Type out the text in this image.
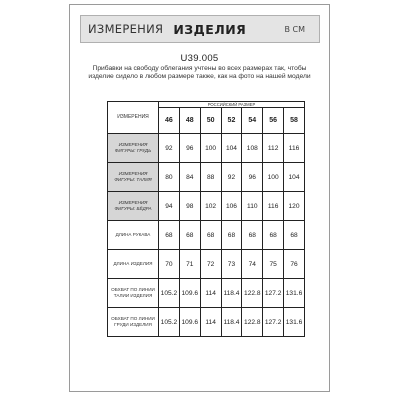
ИЗМЕРЕНИЯ ИЗДЕЛИЯ	В СМ
U39.005
Прибавки на свободу облегания учтены во всех размерах так, чтобы изделие сидело в любом размере также, как на фото на нашей модели
ИЗМЕРЕНИЯ	РОССИЙСКИЙ РАЗМЕР						
	46	48	50	52	54	56	58
ИЗМЕРЕНИЯ ФИГУРЫ: ГРУДЬ	92	96	100	104	108	112	116
ИЗМЕРЕНИЯ ФИГУРЫ: ТАЛИЯ	80	84	88	92	96	100	104
ИЗМЕРЕНИЯ ФИГУРЫ: БЁДРА	94	98	102	106	110	116	120
ДЛИНА РУКАВА	68	68	68	68	68	68	68
ДЛИНА ИЗДЕЛИЯ	70	71	72	73	74	75	76
ОБХВАТ ПО ЛИНИИ ТАЛИИ ИЗДЕЛИЯ	105.2	109.6	114	118.4	122.8	127.2	131.6
ОБХВАТ ПО ЛИНИИ ГРУДИ ИЗДЕЛИЯ	105.2	109.6	114	118.4	122.8	127.2	131.6
